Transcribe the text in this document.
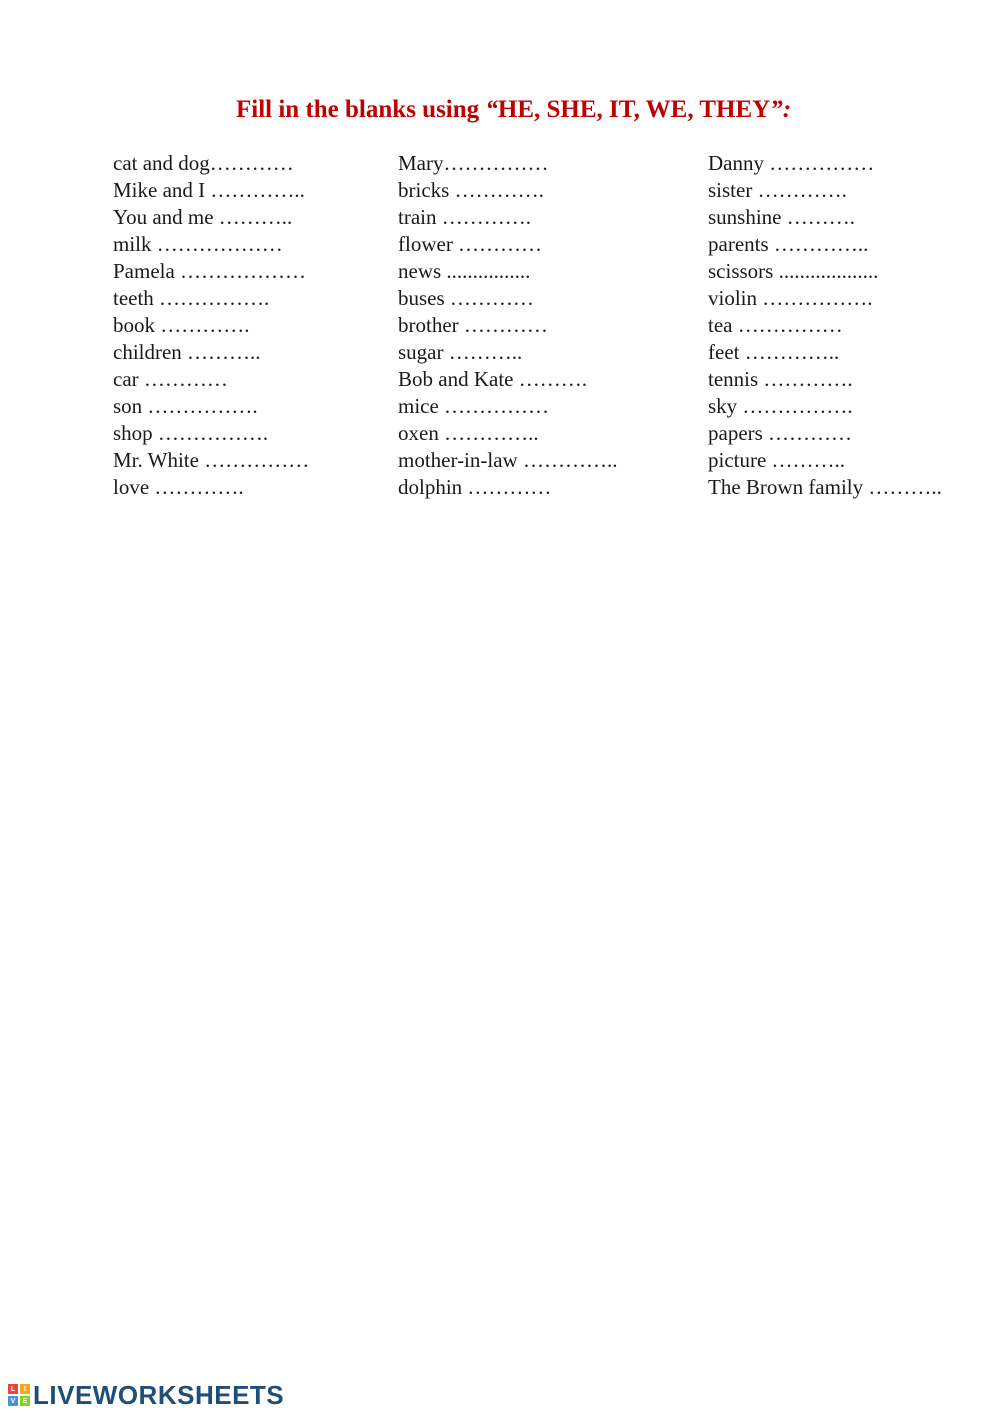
Fill in the blanks using “HE, SHE, IT, WE, THEY”:
cat and dog…………
Mike and I …………..
You and me ………..
milk ………………
Pamela ………………
teeth …………….
book ………….
children ………..
car …………
son …………….
shop …………….
Mr. White ……………
love ………….
Mary……………
bricks ………….
train ………….
flower …………
news ................
buses …………
brother …………
sugar ………..
Bob and Kate ……….
mice ……………
oxen …………..
mother-in-law …………..
dolphin …………
Danny ……………
sister ………….
sunshine ……….
parents …………..
scissors ...................
violin …………….
tea ……………
feet …………..
tennis ………….
sky …………….
papers …………
picture ………..
The Brown family ………..
L	I
V	E LIVEWORKSHEETS
